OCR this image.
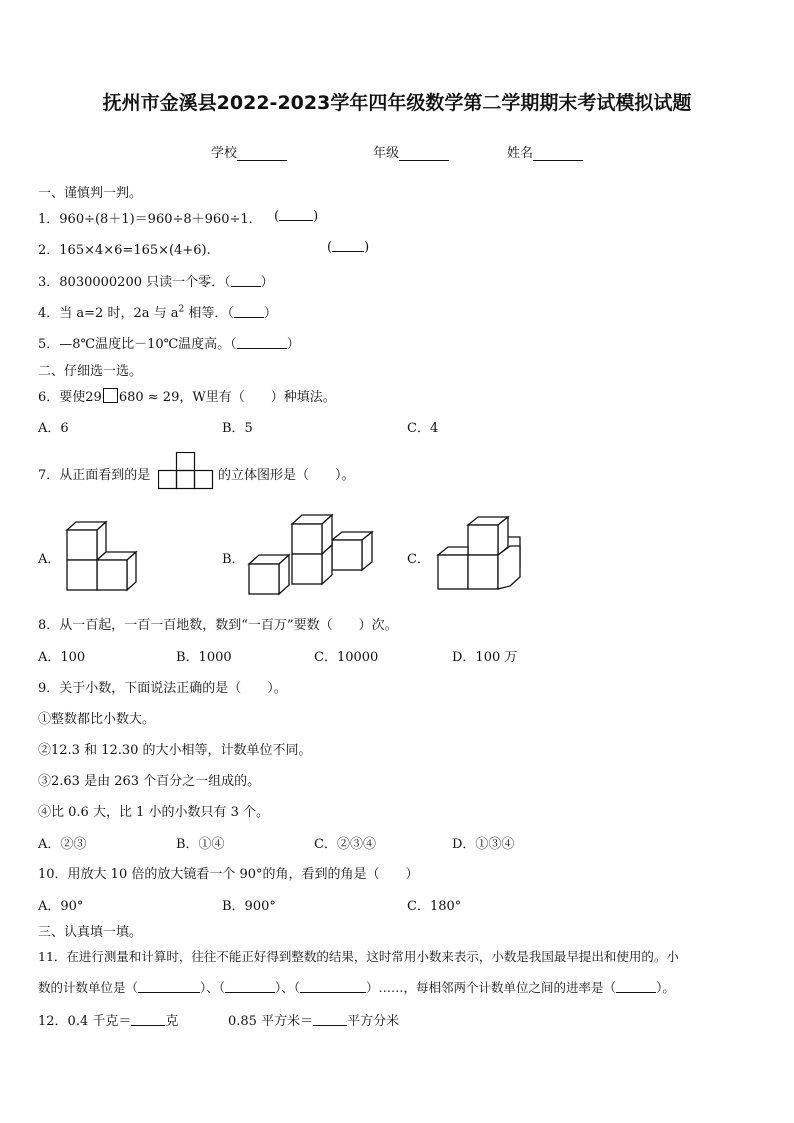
抚州市金溪县2022-2023学年四年级数学第二学期期末考试模拟试题
学校	年级	姓名
一、谨慎判一判。
1．960÷(8＋1)＝960÷8＋960÷1． (	)
2．165×4×6=165×(4+6).	( )
3．8030000200 只读一个零．（ ）
4．当 a=2 时，2a 与 $a^2$ 相等．（ ）
5．—8℃温度比－10℃温度高。（	）
二、仔细选一选。
6．要使29 680 ≈ 29，W里有（　　）种填法。
A．6	B．5	C．4
7．从正面看到的是	的立体图形是（　　）。
A．	B．	C．
8．从一百起，一百一百地数，数到“一百万”要数（　　）次。
A．100	B．1000	C．10000	D．100 万
9．关于小数，下面说法正确的是（　　）。
①整数都比小数大。
②12.3 和 12.30 的大小相等，计数单位不同。
③2.63 是由 263 个百分之一组成的。
④比 0.6 大，比 1 小的小数只有 3 个。
A．②③	B．①④	C．②③④	D．①③④
10．用放大 10 倍的放大镜看一个 90°的角，看到的角是（　　）
A．90°	B．900°	C．180°
三、认真填一填。
11．在进行测量和计算时，往往不能正好得到整数的结果，这时常用小数来表示，小数是我国最早提出和使用的。小
数的计数单位是（	）、（	）、（	）……，每相邻两个计数单位之间的进率是（	）。
12．0.4 千克＝	克	0.85 平方米＝	平方分米
